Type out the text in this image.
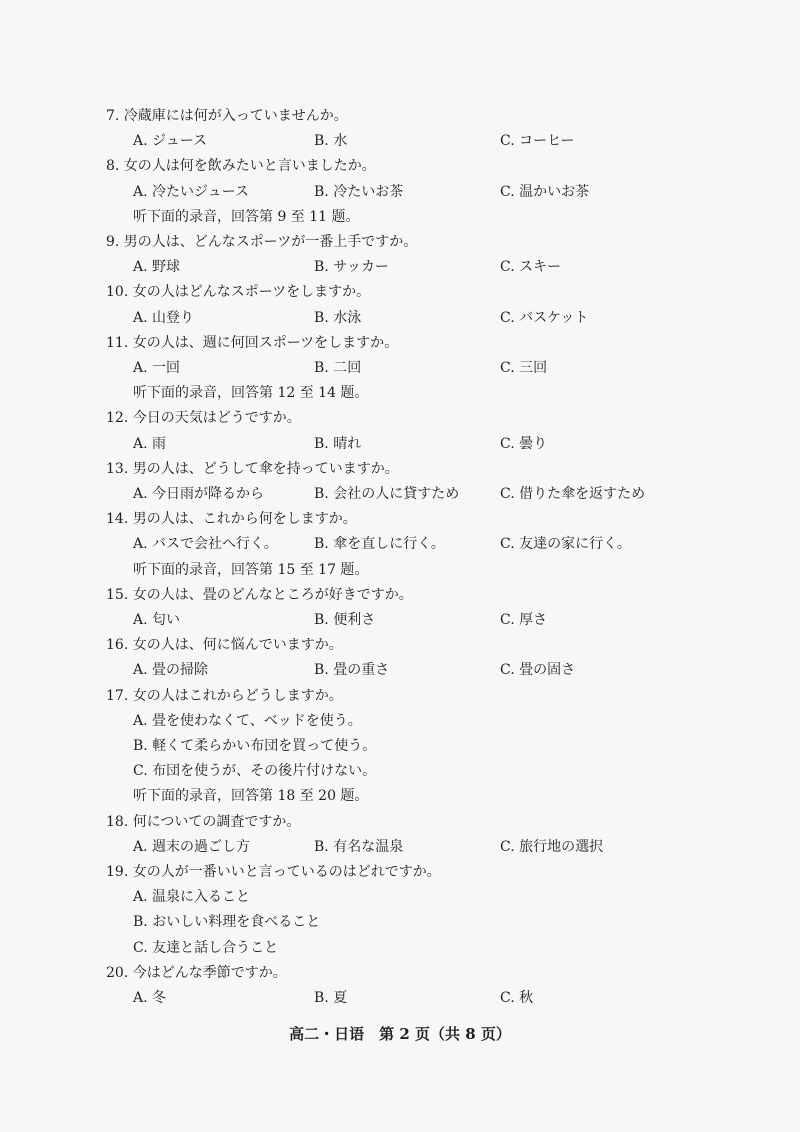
7. 冷蔵庫には何が入っていませんか。
A. ジュース	B. 水	C. コーヒー
8. 女の人は何を飲みたいと言いましたか。
A. 冷たいジュース	B. 冷たいお茶	C. 温かいお茶
听下面的录音，回答第 9 至 11 题。
9. 男の人は、どんなスポーツが一番上手ですか。
A. 野球	B. サッカー	C. スキー
10. 女の人はどんなスポーツをしますか。
A. 山登り	B. 水泳	C. バスケット
11. 女の人は、週に何回スポーツをしますか。
A. 一回	B. 二回	C. 三回
听下面的录音，回答第 12 至 14 题。
12. 今日の天気はどうですか。
A. 雨	B. 晴れ	C. 曇り
13. 男の人は、どうして傘を持っていますか。
A. 今日雨が降るから	B. 会社の人に貸すため	C. 借りた傘を返すため
14. 男の人は、これから何をしますか。
A. バスで会社へ行く。	B. 傘を直しに行く。	C. 友達の家に行く。
听下面的录音，回答第 15 至 17 题。
15. 女の人は、畳のどんなところが好きですか。
A. 匂い	B. 便利さ	C. 厚さ
16. 女の人は、何に悩んでいますか。
A. 畳の掃除	B. 畳の重さ	C. 畳の固さ
17. 女の人はこれからどうしますか。
A. 畳を使わなくて、ベッドを使う。
B. 軽くて柔らかい布団を買って使う。
C. 布団を使うが、その後片付けない。
听下面的录音，回答第 18 至 20 题。
18. 何についての調査ですか。
A. 週末の過ごし方	B. 有名な温泉	C. 旅行地の選択
19. 女の人が一番いいと言っているのはどれですか。
A. 温泉に入ること
B. おいしい料理を食べること
C. 友達と話し合うこと
20. 今はどんな季節ですか。
A. 冬	B. 夏	C. 秋
高二・日语　第 2 页（共 8 页）
